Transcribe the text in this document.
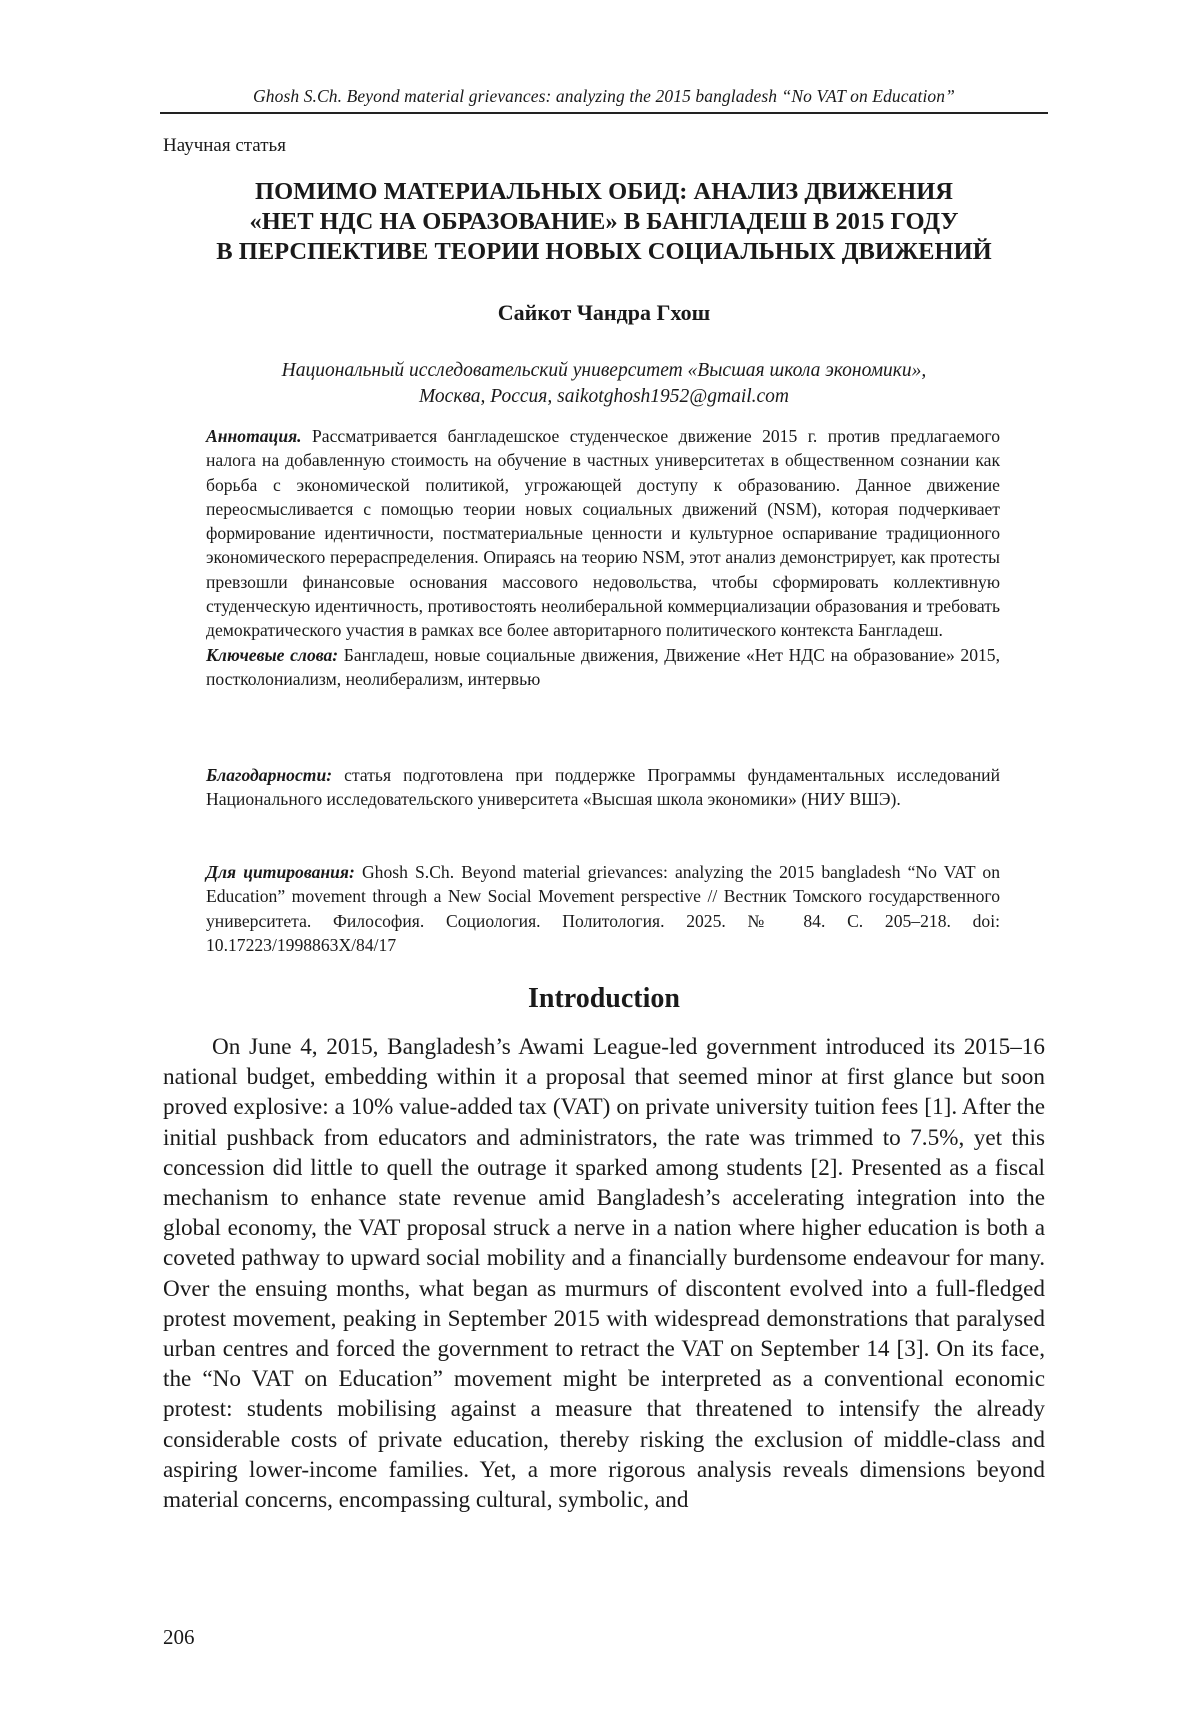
Ghosh S.Ch. Beyond material grievances: analyzing the 2015 bangladesh “No VAT on Education”
Научная статья
ПОМИМО МАТЕРИАЛЬНЫХ ОБИД: АНАЛИЗ ДВИЖЕНИЯ
«НЕТ НДС НА ОБРАЗОВАНИЕ» В БАНГЛАДЕШ В 2015 ГОДУ
В ПЕРСПЕКТИВЕ ТЕОРИИ НОВЫХ СОЦИАЛЬНЫХ ДВИЖЕНИЙ
Сайкот Чандра Гхош
Национальный исследовательский университет «Высшая школа экономики»,
Москва, Россия, saikotghosh1952@gmail.com
Аннотация. Рассматривается бангладешское студенческое движение 2015 г. против предлагаемого налога на добавленную стоимость на обучение в частных университетах в общественном сознании как борьба с экономической политикой, угрожающей доступу к образованию. Данное движение переосмысливается с помощью теории новых социальных движений (NSM), которая подчеркивает формирование идентичности, постматериальные ценности и культурное оспаривание традиционного экономического перераспределения. Опираясь на теорию NSM, этот анализ демонстрирует, как протесты превзошли финансовые основания массового недовольства, чтобы сформировать коллективную студенческую идентичность, противостоять неолиберальной коммерциализации образования и требовать демократического участия в рамках все более авторитарного политического контекста Бангладеш.
Ключевые слова: Бангладеш, новые социальные движения, Движение «Нет НДС на образование» 2015, постколониализм, неолиберализм, интервью
Благодарности: статья подготовлена при поддержке Программы фундаментальных исследований Национального исследовательского университета «Высшая школа экономики» (НИУ ВШЭ).
Для цитирования: Ghosh S.Ch. Beyond material grievances: analyzing the 2015 bangladesh “No VAT on Education” movement through a New Social Movement perspective // Вестник Томского государственного университета. Философия. Социология. Политология. 2025. № 84. С. 205–218. doi: 10.17223/1998863Х/84/17
Introduction

On June 4, 2015, Bangladesh’s Awami League-led government introduced its 2015–16 national budget, embedding within it a proposal that seemed minor at first glance but soon proved explosive: a 10% value-added tax (VAT) on private university tuition fees [1]. After the initial pushback from educators and administrators, the rate was trimmed to 7.5%, yet this concession did little to quell the outrage it sparked among students [2]. Presented as a fiscal mechanism to enhance state revenue amid Bangladesh’s accelerating integration into the global economy, the VAT proposal struck a nerve in a nation where higher education is both a coveted pathway to upward social mobility and a financially burdensome endeavour for many. Over the ensuing months, what began as murmurs of discontent evolved into a full-fledged protest movement, peaking in September 2015 with widespread demonstrations that paralysed urban centres and forced the government to retract the VAT on September 14 [3]. On its face, the “No VAT on Education” movement might be interpreted as a conventional economic protest: students mobilising against a measure that threatened to intensify the already considerable costs of private education, thereby risking the exclusion of middle-class and aspiring lower-income families. Yet, a more rigorous analysis reveals dimensions beyond material concerns, encompassing cultural, symbolic, and

206
